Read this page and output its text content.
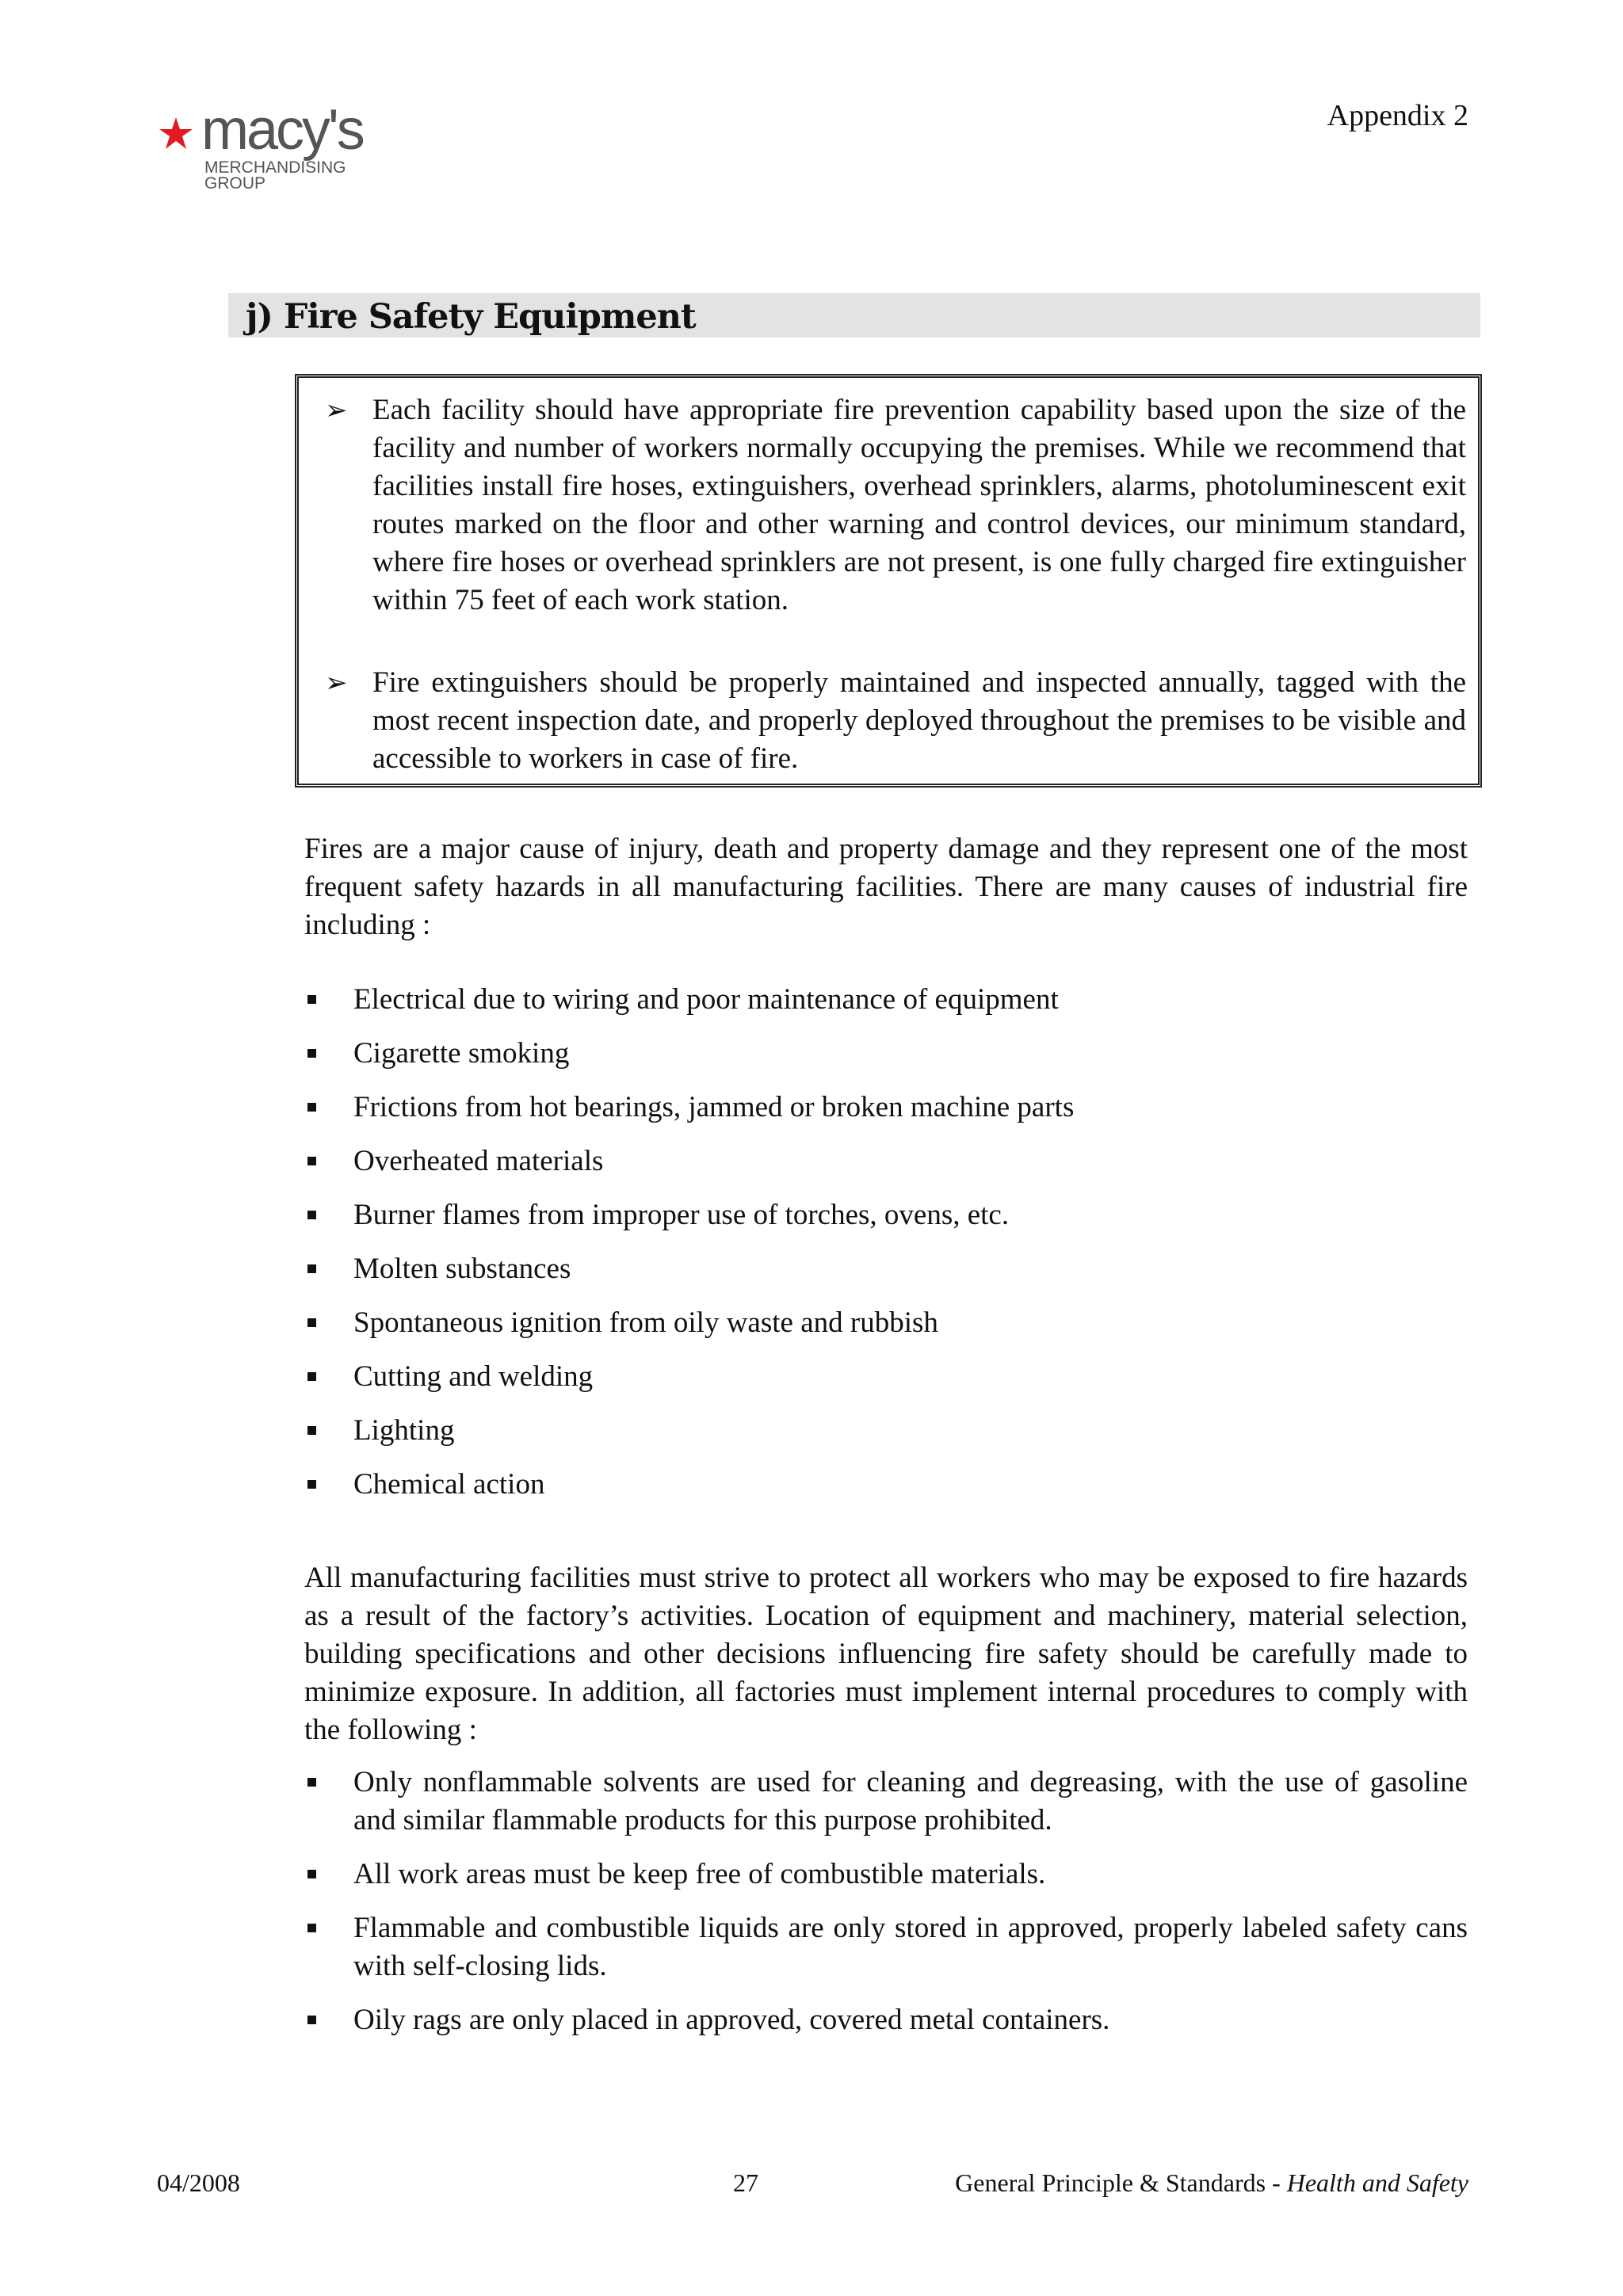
macy's
MERCHANDISING
GROUP
Appendix 2
j) Fire Safety Equipment
➢ Each facility should have appropriate fire prevention capability based upon the size of the facility and number of workers normally occupying the premises. While we recommend that facilities install fire hoses, extinguishers, overhead sprinklers, alarms, photoluminescent exit routes marked on the floor and other warning and control devices, our minimum standard, where fire hoses or overhead sprinklers are not present, is one fully charged fire extinguisher within 75 feet of each work station.
➢ Fire extinguishers should be properly maintained and inspected annually, tagged with the most recent inspection date, and properly deployed throughout the premises to be visible and accessible to workers in case of fire.
Fires are a major cause of injury, death and property damage and they represent one of the most frequent safety hazards in all manufacturing facilities. There are many causes of industrial fire including :
Electrical due to wiring and poor maintenance of equipment
Cigarette smoking
Frictions from hot bearings, jammed or broken machine parts
Overheated materials
Burner flames from improper use of torches, ovens, etc.
Molten substances
Spontaneous ignition from oily waste and rubbish
Cutting and welding
Lighting
Chemical action
All manufacturing facilities must strive to protect all workers who may be exposed to fire hazards as a result of the factory’s activities. Location of equipment and machinery, material selection, building specifications and other decisions influencing fire safety should be carefully made to minimize exposure. In addition, all factories must implement internal procedures to comply with the following :
Only nonflammable solvents are used for cleaning and degreasing, with the use of gasoline and similar flammable products for this purpose prohibited.
All work areas must be keep free of combustible materials.
Flammable and combustible liquids are only stored in approved, properly labeled safety cans with self-closing lids.
Oily rags are only placed in approved, covered metal containers.
04/2008	27	General Principle & Standards - Health and Safety
